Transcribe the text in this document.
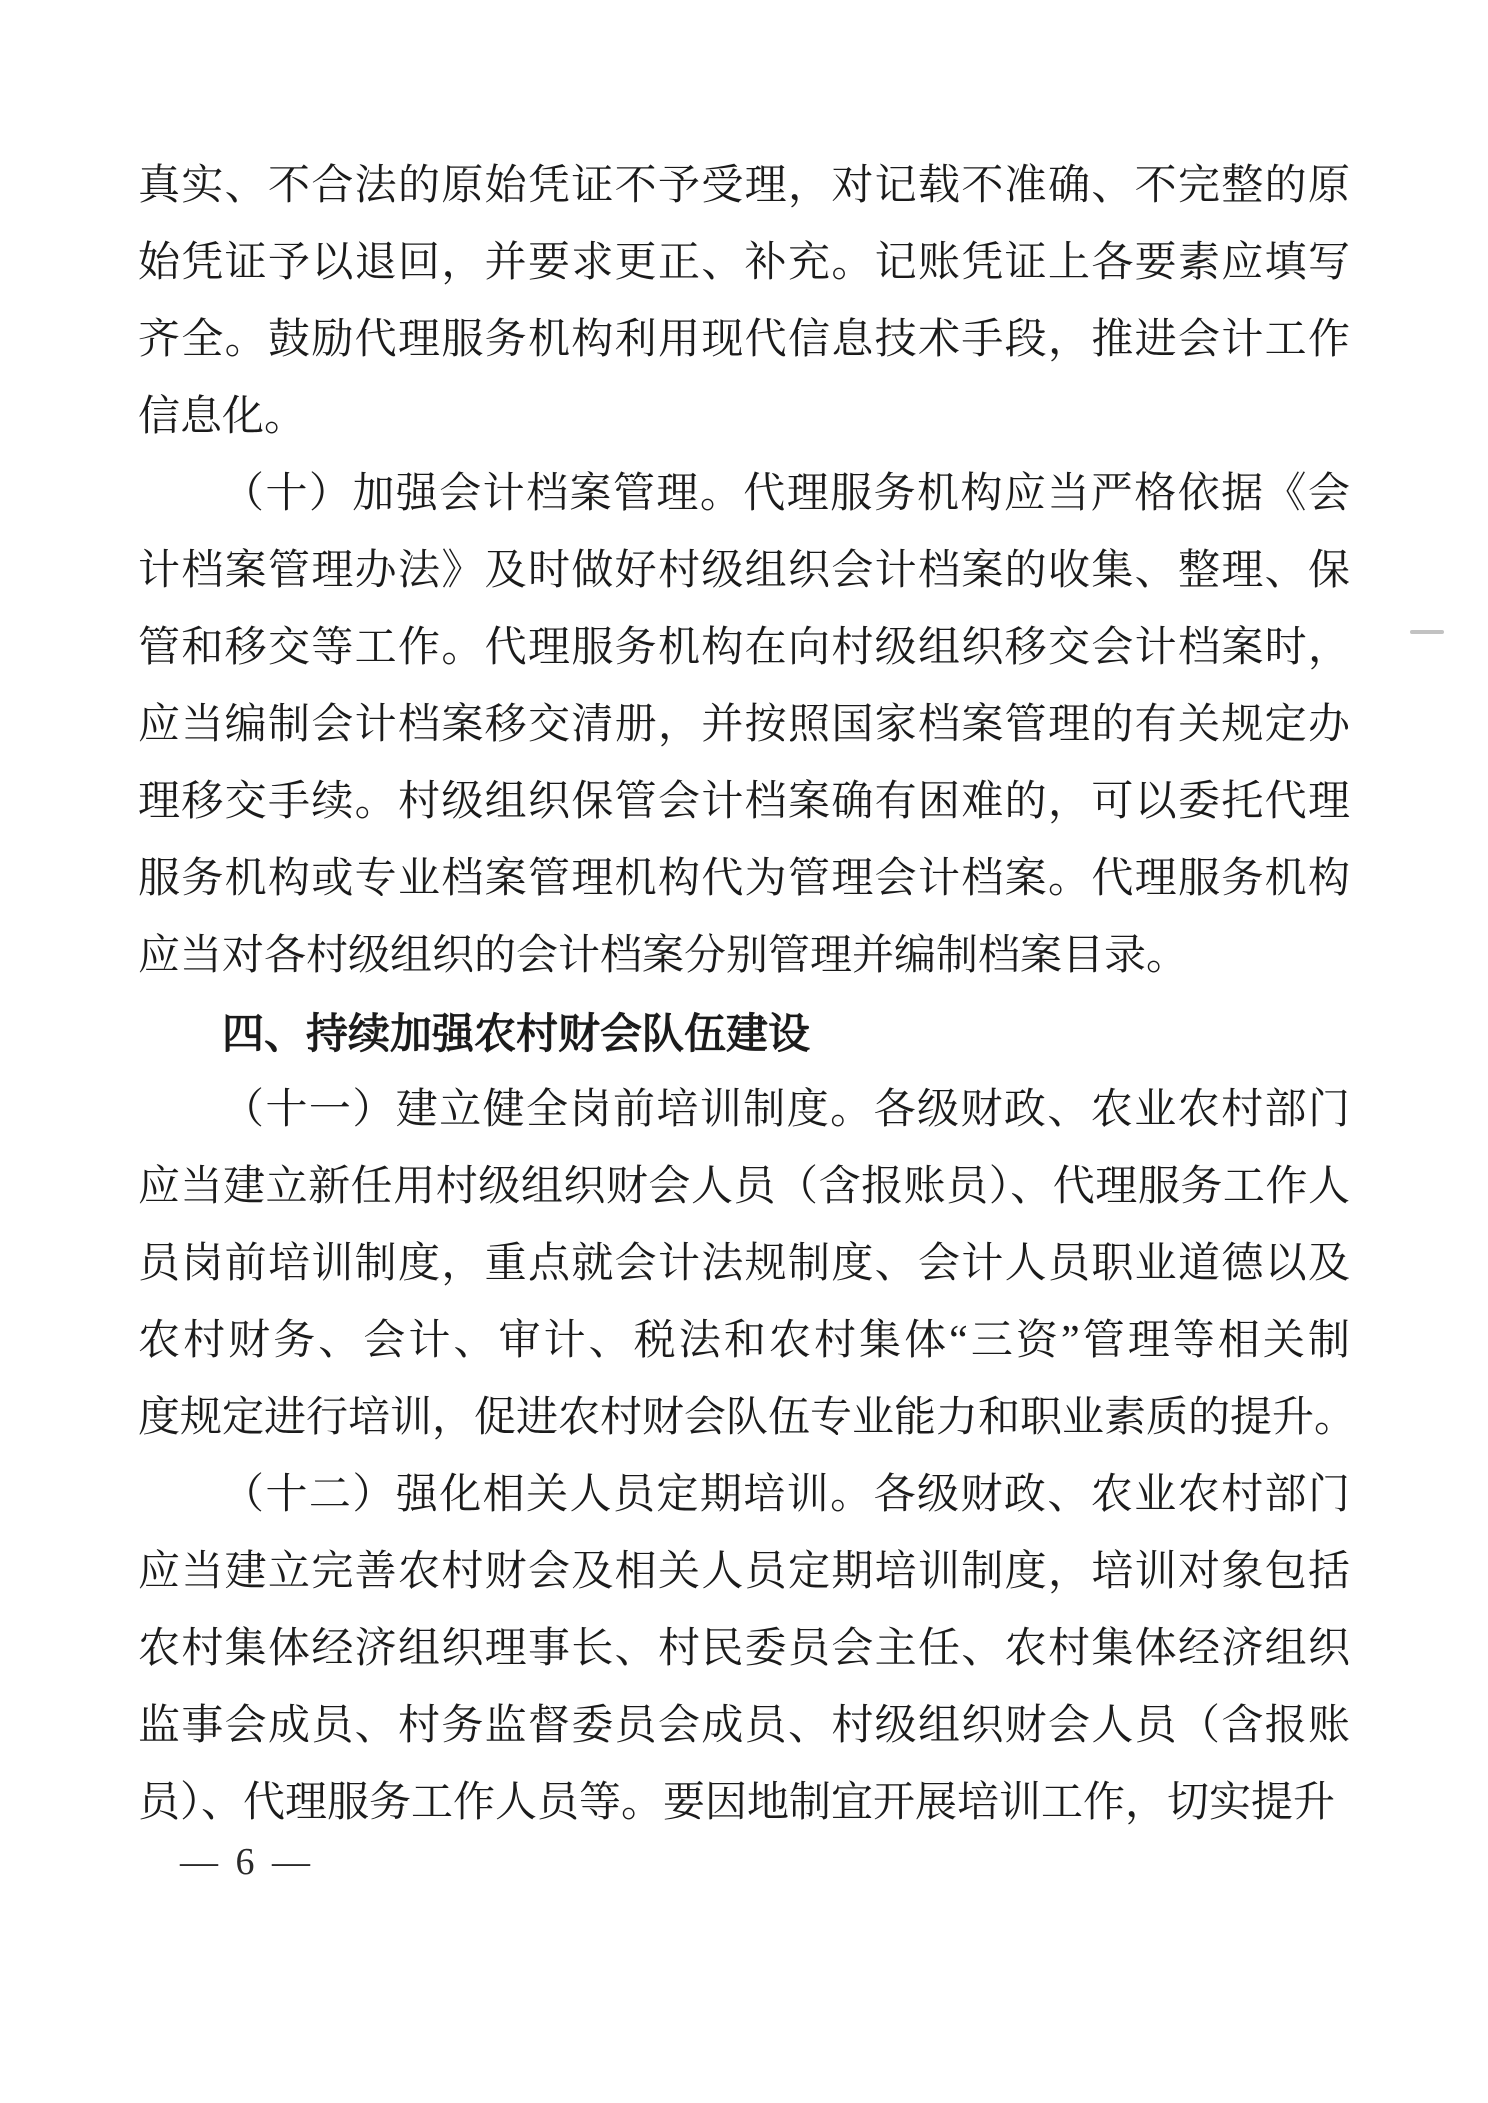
真实、不合法的原始凭证不予受理，对记载不准确、不完整的原
始凭证予以退回，并要求更正、补充。记账凭证上各要素应填写
齐全。鼓励代理服务机构利用现代信息技术手段，推进会计工作
信息化。
（十）加强会计档案管理。代理服务机构应当严格依据《会
计档案管理办法》及时做好村级组织会计档案的收集、整理、保
管和移交等工作。代理服务机构在向村级组织移交会计档案时，
应当编制会计档案移交清册，并按照国家档案管理的有关规定办
理移交手续。村级组织保管会计档案确有困难的，可以委托代理
服务机构或专业档案管理机构代为管理会计档案。代理服务机构
应当对各村级组织的会计档案分别管理并编制档案目录。
四、持续加强农村财会队伍建设
（十一）建立健全岗前培训制度。各级财政、农业农村部门
应当建立新任用村级组织财会人员（含报账员）、代理服务工作人
员岗前培训制度，重点就会计法规制度、会计人员职业道德以及
农村财务、会计、审计、税法和农村集体“三资”管理等相关制
度规定进行培训，促进农村财会队伍专业能力和职业素质的提升。
（十二）强化相关人员定期培训。各级财政、农业农村部门
应当建立完善农村财会及相关人员定期培训制度，培训对象包括
农村集体经济组织理事长、村民委员会主任、农村集体经济组织
监事会成员、村务监督委员会成员、村级组织财会人员（含报账
员）、代理服务工作人员等。要因地制宜开展培训工作，切实提升
— 6 —
